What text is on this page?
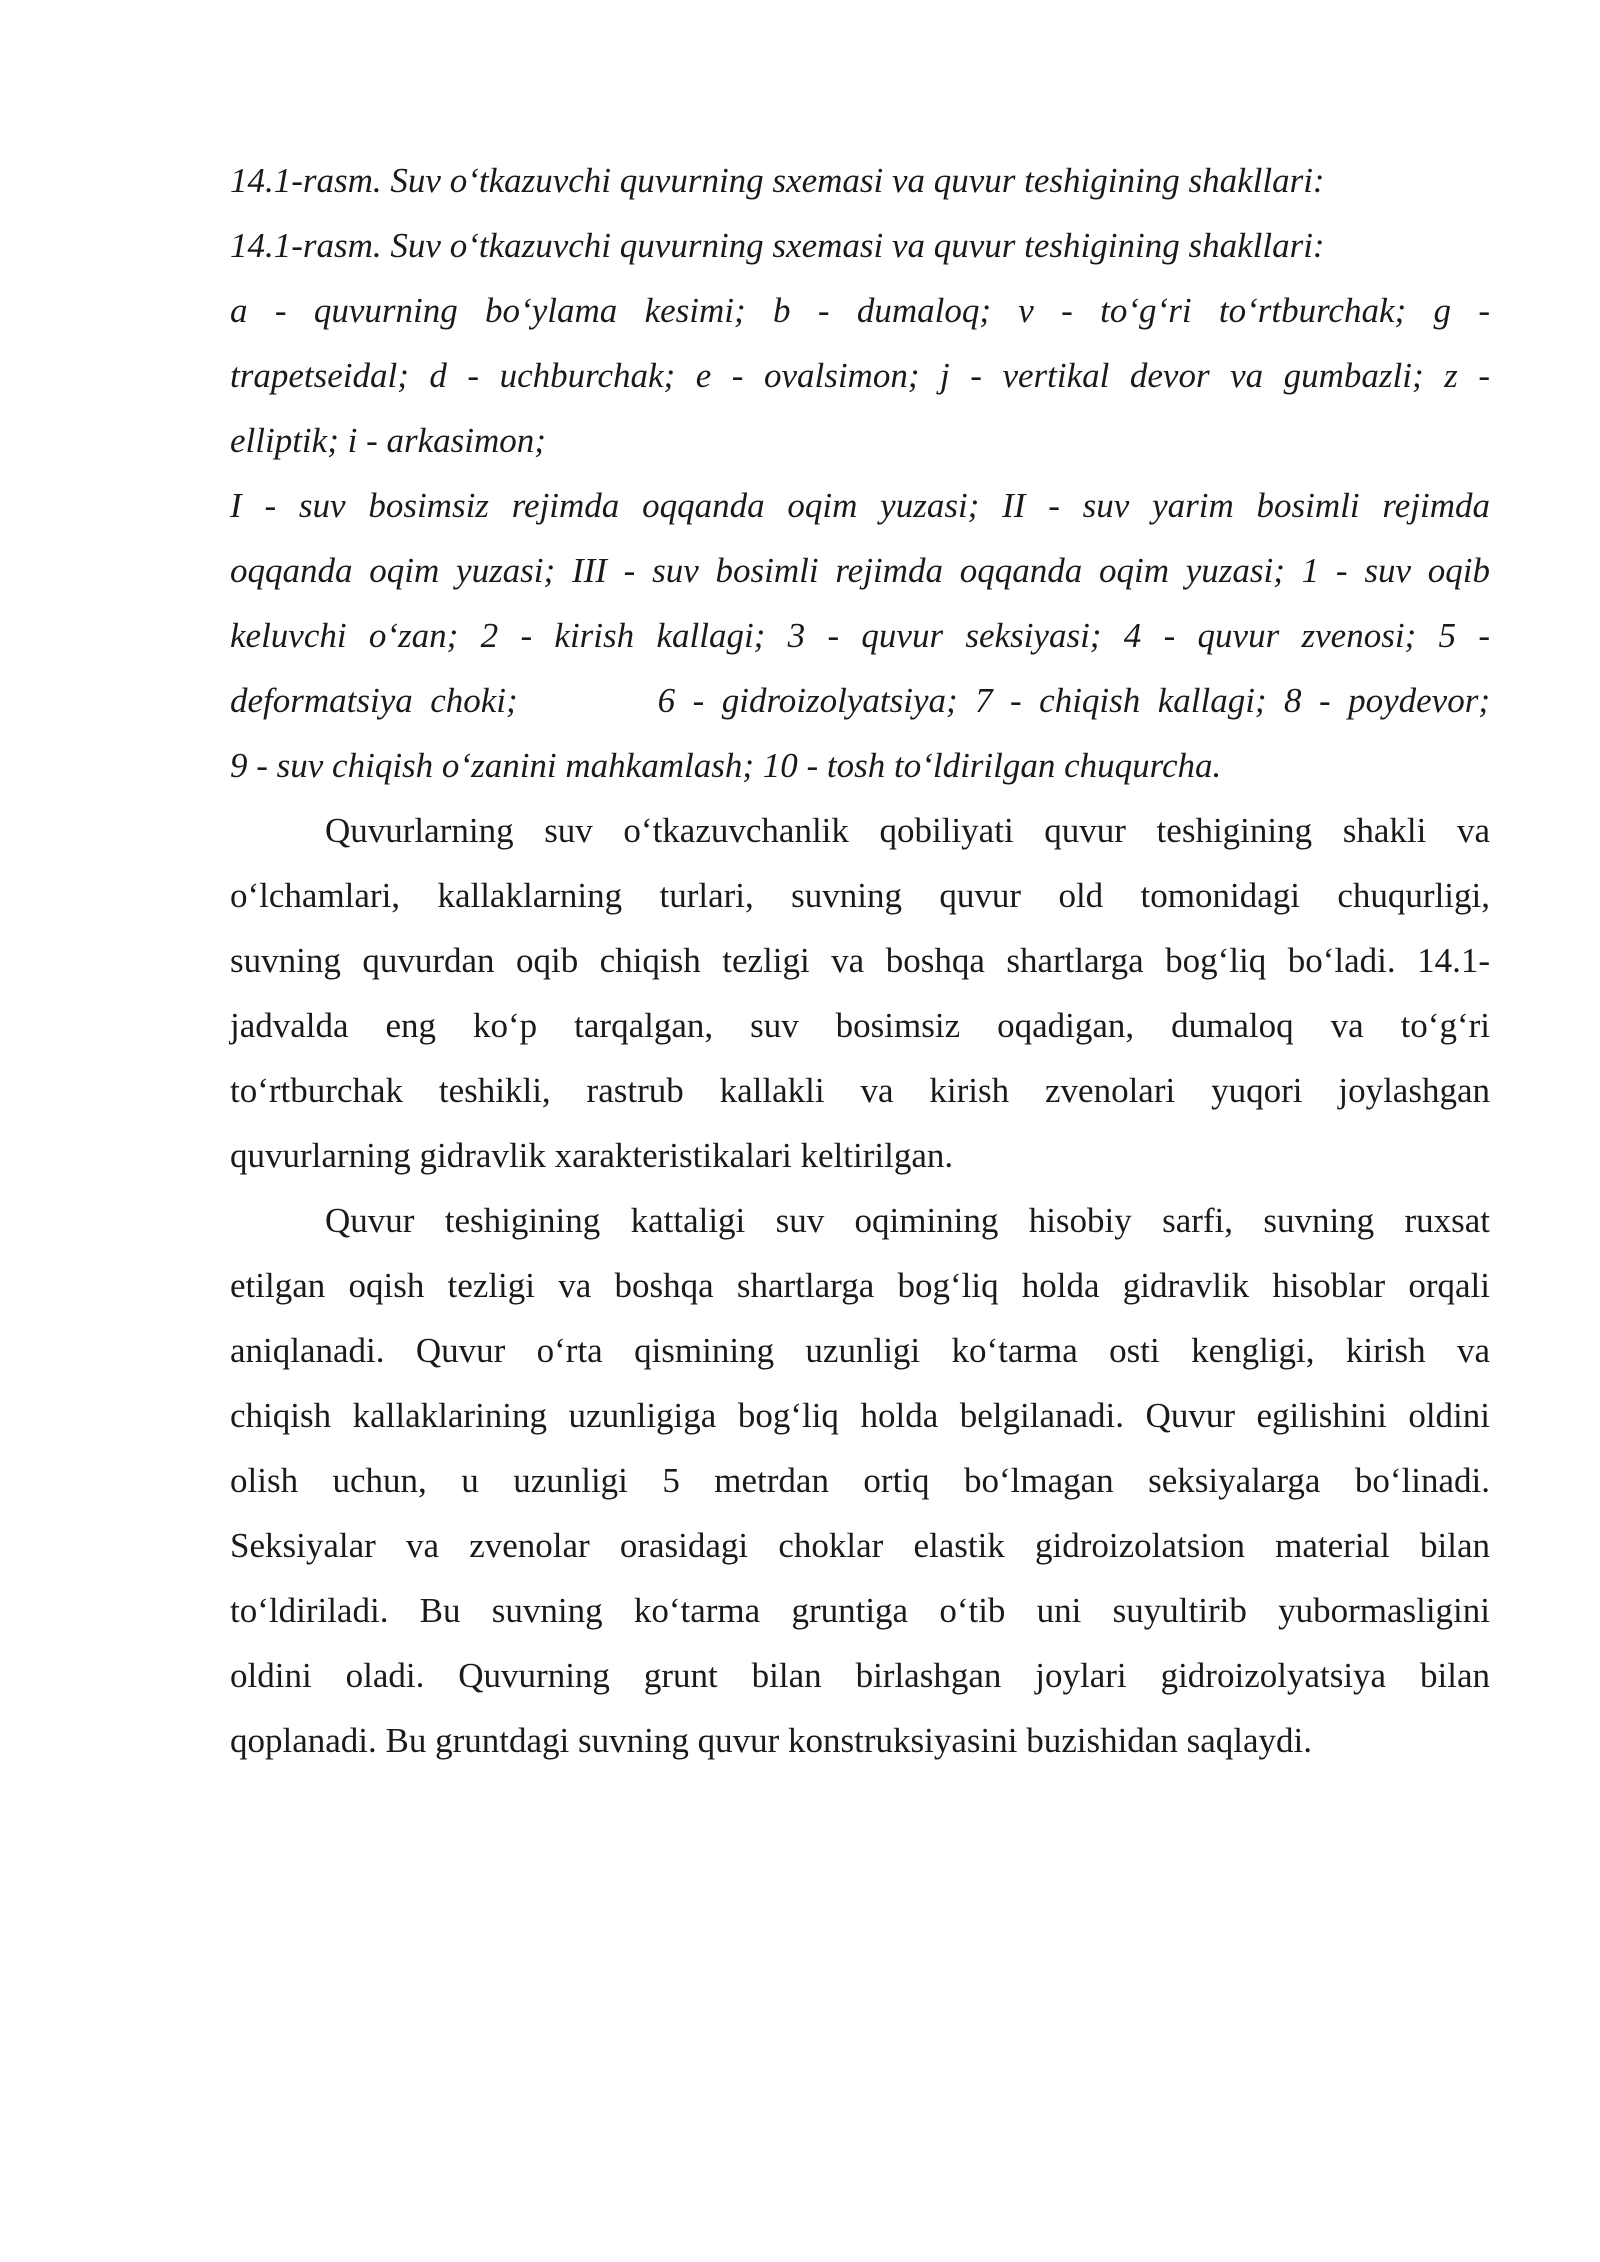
14.1-rasm. Suv o‘tkazuvchi quvurning sxemasi va quvur teshigining shakllari:
14.1-rasm. Suv o‘tkazuvchi quvurning sxemasi va quvur teshigining shakllari:
a - quvurning bo‘ylama kesimi; b - dumaloq; v - to‘g‘ri to‘rtburchak; g -
trapetseidal; d - uchburchak; e - ovalsimon; j - vertikal devor va gumbazli; z -
elliptik; i - arkasimon;
I - suv bosimsiz rejimda oqqanda oqim yuzasi; II - suv yarim bosimli rejimda
oqqanda oqim yuzasi; III - suv bosimli rejimda oqqanda oqim yuzasi; 1 - suv oqib
keluvchi o‘zan; 2 - kirish kallagi; 3 - quvur seksiyasi; 4 - quvur zvenosi; 5 -
deformatsiya choki;	6 - gidroizolyatsiya; 7 - chiqish kallagi; 8 - poydevor;
9 - suv chiqish o‘zanini mahkamlash; 10 - tosh to‘ldirilgan chuqurcha.
Quvurlarning suv o‘tkazuvchanlik qobiliyati quvur teshigining shakli va
o‘lchamlari, kallaklarning turlari, suvning quvur old tomonidagi chuqurligi,
suvning quvurdan oqib chiqish tezligi va boshqa shartlarga bog‘liq bo‘ladi. 14.1-
jadvalda eng ko‘p tarqalgan, suv bosimsiz oqadigan, dumaloq va to‘g‘ri
to‘rtburchak teshikli, rastrub kallakli va kirish zvenolari yuqori joylashgan
quvurlarning gidravlik xarakteristikalari keltirilgan.
Quvur teshigining kattaligi suv oqimining hisobiy sarfi, suvning ruxsat
etilgan oqish tezligi va boshqa shartlarga bog‘liq holda gidravlik hisoblar orqali
aniqlanadi. Quvur o‘rta qismining uzunligi ko‘tarma osti kengligi, kirish va
chiqish kallaklarining uzunligiga bog‘liq holda belgilanadi. Quvur egilishini oldini
olish uchun, u uzunligi 5 metrdan ortiq bo‘lmagan seksiyalarga bo‘linadi.
Seksiyalar va zvenolar orasidagi choklar elastik gidroizolatsion material bilan
to‘ldiriladi. Bu suvning ko‘tarma gruntiga o‘tib uni suyultirib yubormasligini
oldini oladi. Quvurning grunt bilan birlashgan joylari gidroizolyatsiya bilan
qoplanadi. Bu gruntdagi suvning quvur konstruksiyasini buzishidan saqlaydi.
